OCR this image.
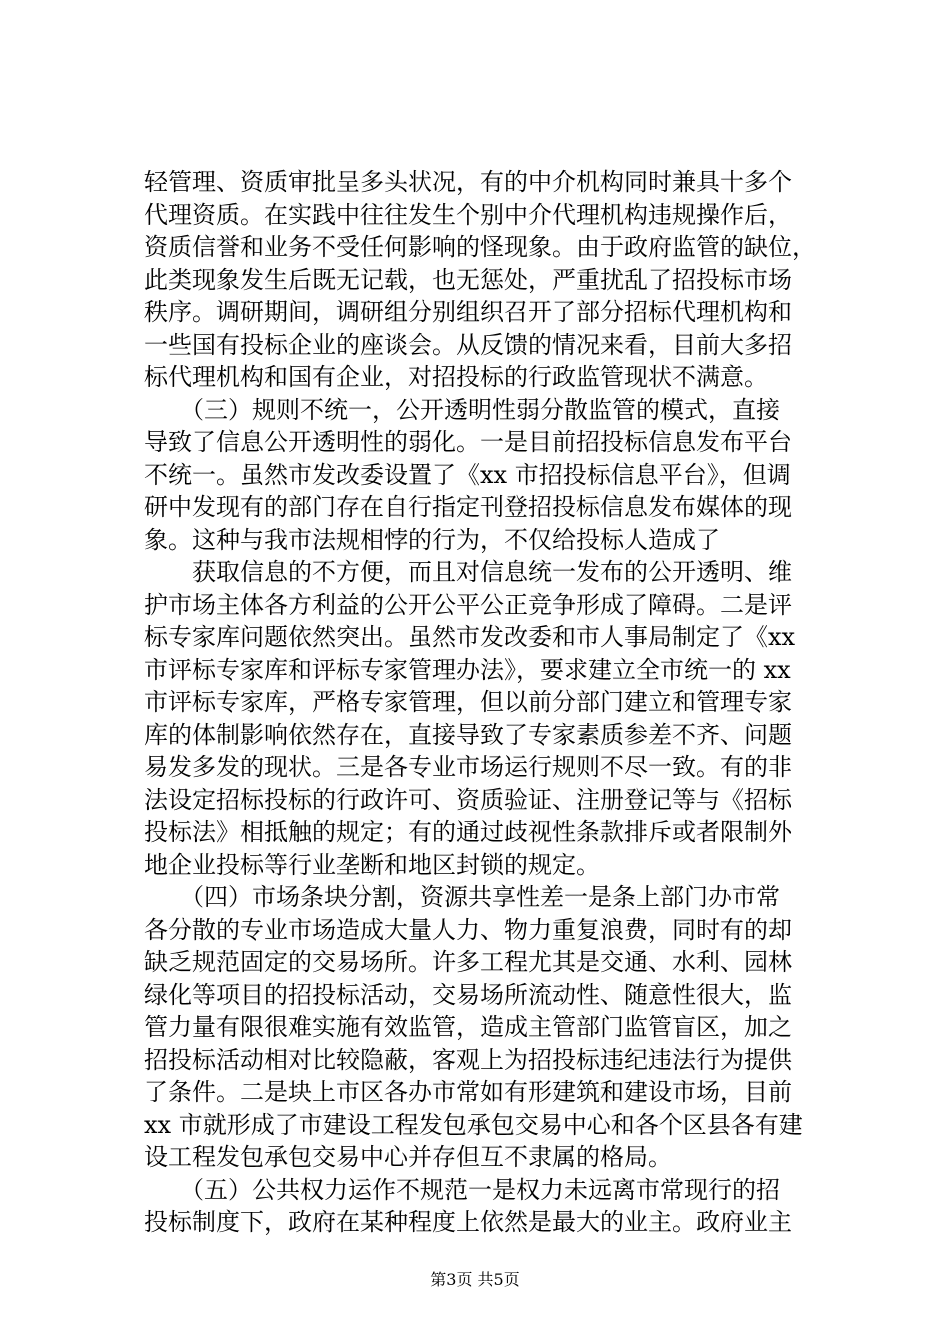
轻管理、资质审批呈多头状况，有的中介机构同时兼具十多个
代理资质。在实践中往往发生个别中介代理机构违规操作后，
资质信誉和业务不受任何影响的怪现象。由于政府监管的缺位，
此类现象发生后既无记载，也无惩处，严重扰乱了招投标市场
秩序。调研期间，调研组分别组织召开了部分招标代理机构和
一些国有投标企业的座谈会。从反馈的情况来看，目前大多招
标代理机构和国有企业，对招投标的行政监管现状不满意。
　　（三）规则不统一，公开透明性弱分散监管的模式，直接
导致了信息公开透明性的弱化。一是目前招投标信息发布平台
不统一。虽然市发改委设置了《xx 市招投标信息平台》，但调
研中发现有的部门存在自行指定刊登招投标信息发布媒体的现
象。这种与我市法规相悖的行为，不仅给投标人造成了
　　获取信息的不方便，而且对信息统一发布的公开透明、维
护市场主体各方利益的公开公平公正竞争形成了障碍。二是评
标专家库问题依然突出。虽然市发改委和市人事局制定了《xx
市评标专家库和评标专家管理办法》，要求建立全市统一的 xx
市评标专家库，严格专家管理，但以前分部门建立和管理专家
库的体制影响依然存在，直接导致了专家素质参差不齐、问题
易发多发的现状。三是各专业市场运行规则不尽一致。有的非
法设定招标投标的行政许可、资质验证、注册登记等与《招标
投标法》相抵触的规定；有的通过歧视性条款排斥或者限制外
地企业投标等行业垄断和地区封锁的规定。
　　（四）市场条块分割，资源共享性差一是条上部门办市常
各分散的专业市场造成大量人力、物力重复浪费，同时有的却
缺乏规范固定的交易场所。许多工程尤其是交通、水利、园林
绿化等项目的招投标活动，交易场所流动性、随意性很大，监
管力量有限很难实施有效监管，造成主管部门监管盲区，加之
招投标活动相对比较隐蔽，客观上为招投标违纪违法行为提供
了条件。二是块上市区各办市常如有形建筑和建设市场，目前
xx 市就形成了市建设工程发包承包交易中心和各个区县各有建
设工程发包承包交易中心并存但互不隶属的格局。
　　（五）公共权力运作不规范一是权力未远离市常现行的招
投标制度下，政府在某种程度上依然是最大的业主。政府业主
第3页 共5页
